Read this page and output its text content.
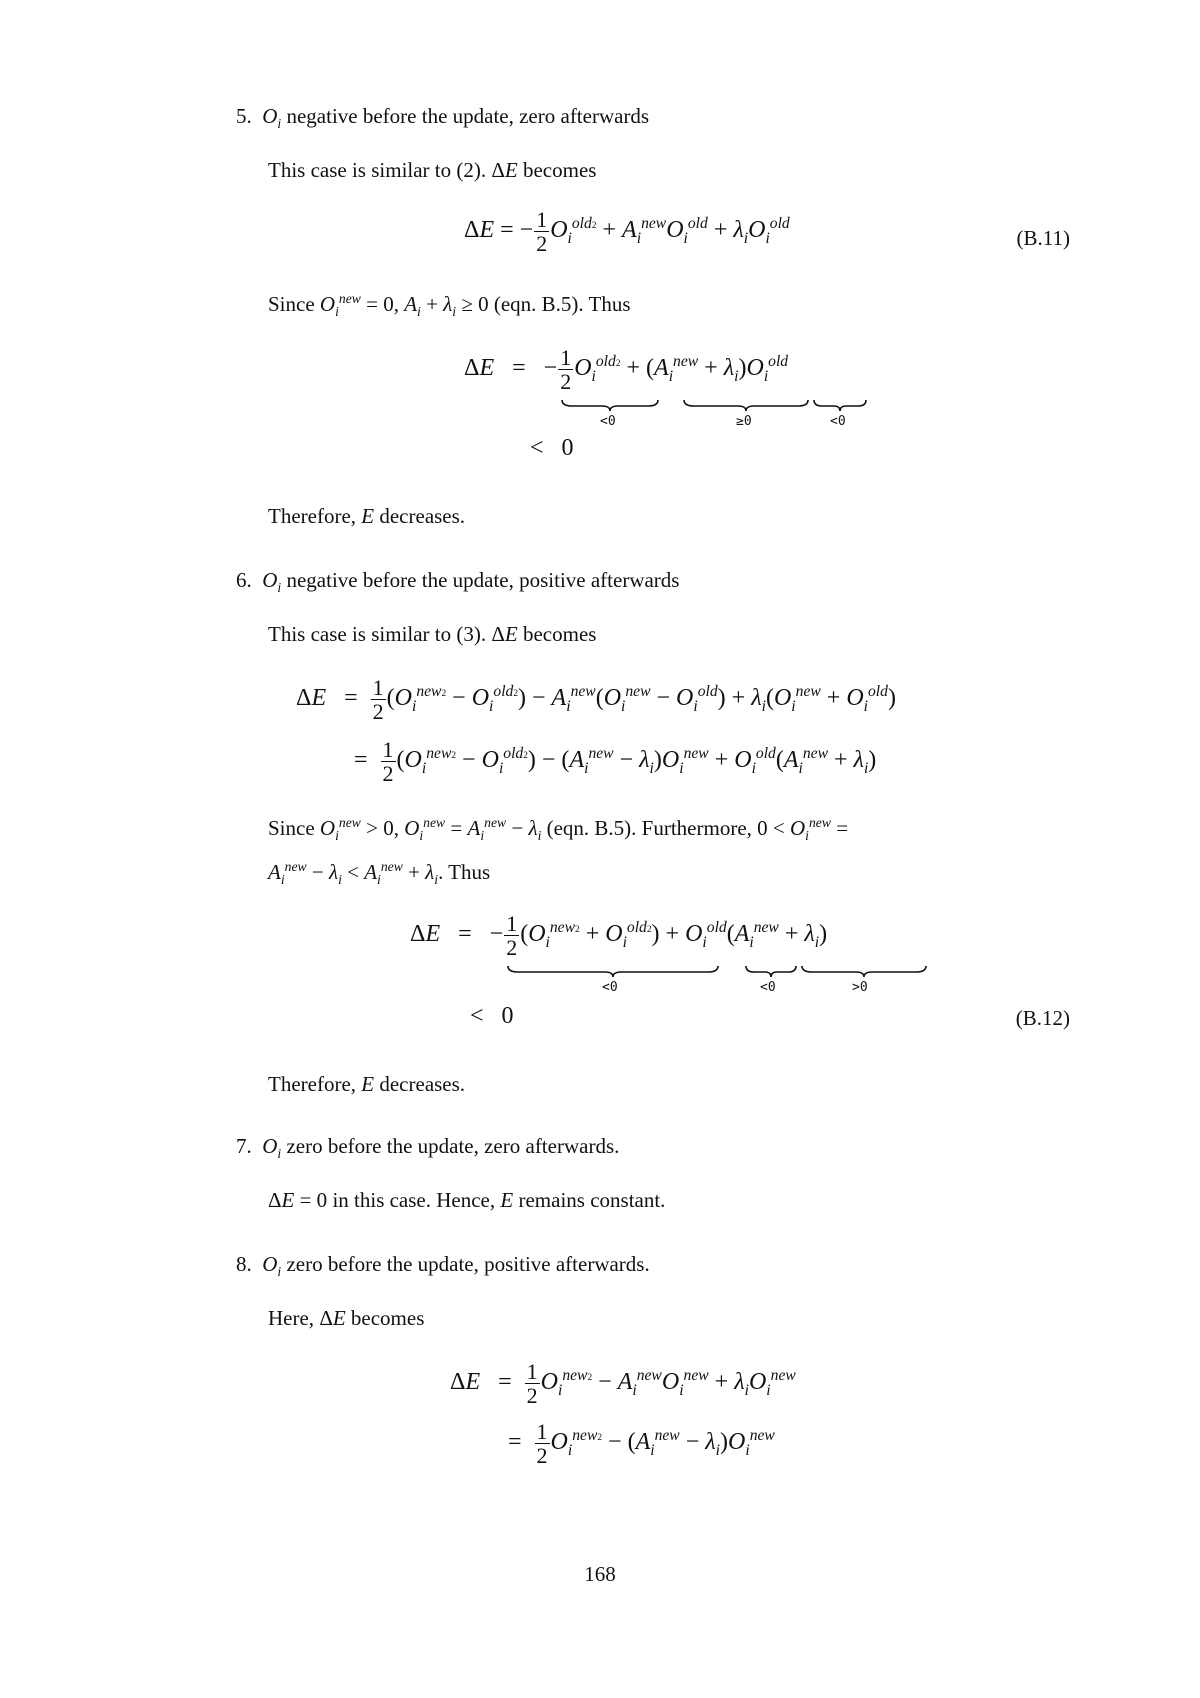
5. $O_i$ negative before the update, zero afterwards
This case is similar to (2). ΔE becomes
ΔE = − $\frac{1}{2} O_i^{old2} + A_i^{new}O_i^{old} + \lambda_iO_i^{old}$
(B.11)
Since $O_i^{new} = 0$, $A_i + \lambda_i \ge 0$ (eqn. B.5). Thus
ΔE   =   − $\frac{1}{2} O_i^{old2} + (A_i^{new} + \lambda_i)O_i^{old}$
<0	≥0	<0
<   0
Therefore, E decreases.
6. $O_i$ negative before the update, positive afterwards
This case is similar to (3). ΔE becomes
$\Delta E = \frac{1}{2} (O_i^{new2} - O_i^{old2}) - A_i^{new}(O_i^{new} - O_i^{old}) + \lambda_i(O_i^{new} + O_i^{old})$
= $\frac{1}{2} (O_i^{new2} - O_i^{old2}) - (A_i^{new} - \lambda_i)O_i^{new} + O_i^{old}(A_i^{new} + \lambda_i)$
Since $O_i^{new} > 0$, $O_i^{new} = A_i^{new} - \lambda_i$ (eqn. B.5). Furthermore, $0 < O_i^{new}$ =
$A_i^{new} - \lambda_i < A_i^{new} + \lambda_i$. Thus
ΔE   =   − $\frac{1}{2} (O_i^{new2} + O_i^{old2}) + O_i^{old}(A_i^{new} + \lambda_i)$
<0	<0	>0
<   0	(B.12)
Therefore, E decreases.
7. $O_i$ zero before the update, zero afterwards.
ΔE = 0 in this case. Hence, E remains constant.
8. $O_i$ zero before the update, positive afterwards.
Here, ΔE becomes
$\Delta E = \frac{1}{2} O_i^{new2} - A_i^{new}O_i^{new} + \lambda_iO_i^{new}$
= $\frac{1}{2} O_i^{new2} - (A_i^{new} - \lambda_i)O_i^{new}$
168
